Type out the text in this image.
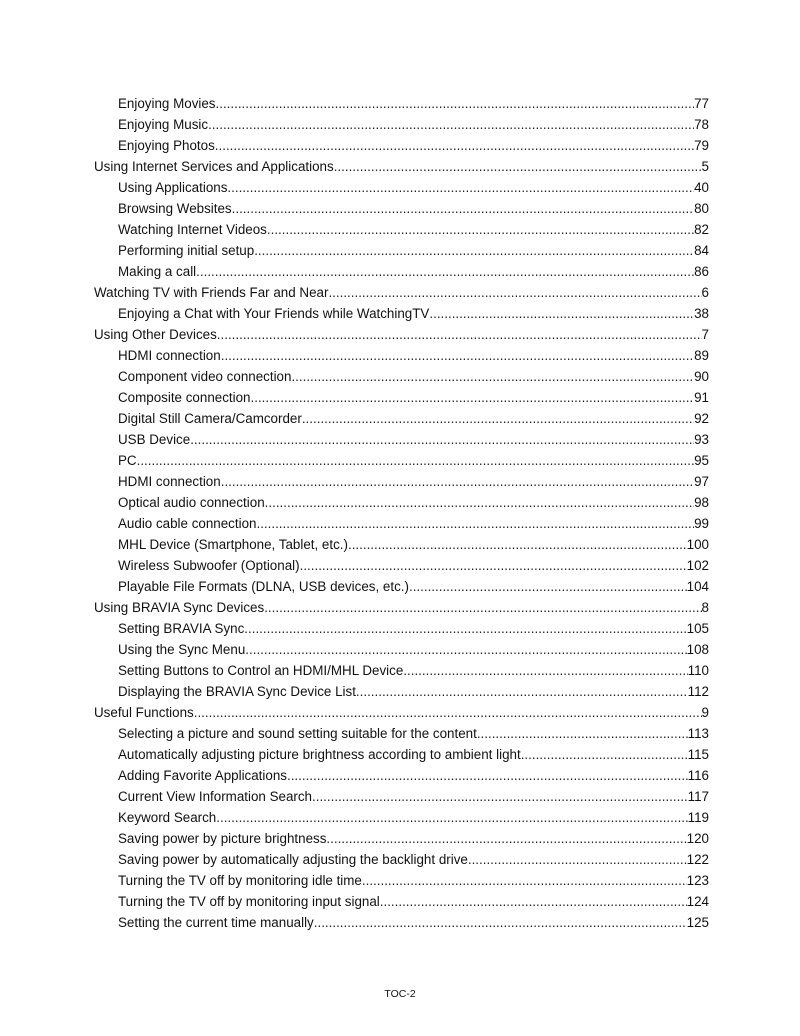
Enjoying Movies .....	77
Enjoying Music .....	78
Enjoying Photos .....	79
Using Internet Services and Applications .....	5
Using Applications .....	40
Browsing Websites .....	80
Watching Internet Videos .....	82
Performing initial setup .....	84
Making a call .....	86
Watching TV with Friends Far and Near .....	6
Enjoying a Chat with Your Friends while WatchingTV .....	38
Using Other Devices .....	7
HDMI connection .....	89
Component video connection .....	90
Composite connection .....	91
Digital Still Camera/Camcorder .....	92
USB Device .....	93
PC .....	95
HDMI connection .....	97
Optical audio connection .....	98
Audio cable connection .....	99
MHL Device (Smartphone, Tablet, etc.) .....	100
Wireless Subwoofer (Optional) .....	102
Playable File Formats (DLNA, USB devices, etc.) .....	104
Using BRAVIA Sync Devices .....	8
Setting BRAVIA Sync .....	105
Using the Sync Menu .....	108
Setting Buttons to Control an HDMI/MHL Device .....	110
Displaying the BRAVIA Sync Device List .....	112
Useful Functions .....	9
Selecting a picture and sound setting suitable for the content .....	113
Automatically adjusting picture brightness according to ambient light .....	115
Adding Favorite Applications .....	116
Current View Information Search .....	117
Keyword Search .....	119
Saving power by picture brightness .....	120
Saving power by automatically adjusting the backlight drive .....	122
Turning the TV off by monitoring idle time .....	123
Turning the TV off by monitoring input signal .....	124
Setting the current time manually .....	125
TOC-2
